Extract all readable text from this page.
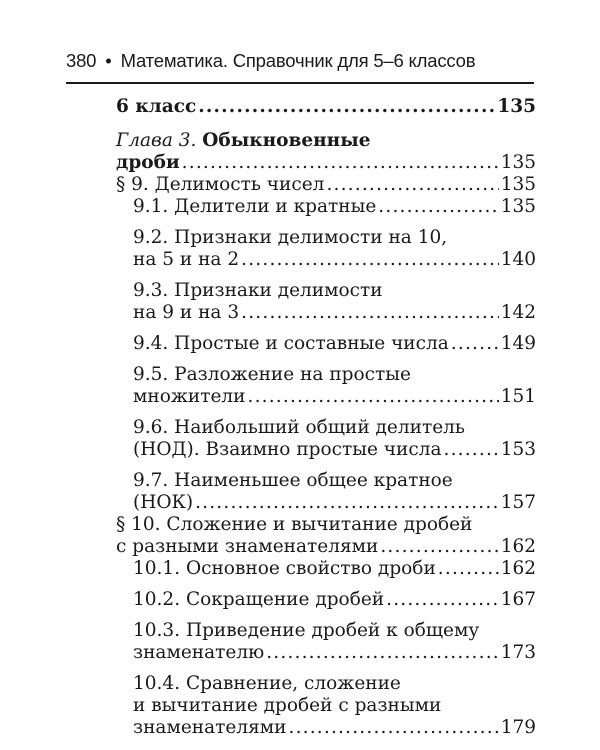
380 • Математика. Справочник для 5–6 классов
6 класс .....	135
Глава 3. Обыкновенные
дроби .....	135
§ 9. Делимость чисел .....	135
9.1. Делители и кратные .....	135
9.2. Признаки делимости на 10,
на 5 и на 2 .....	140
9.3. Признаки делимости
на 9 и на 3 .....	142
9.4. Простые и составные числа .....	149
9.5. Разложение на простые
множители .....	151
9.6. Наибольший общий делитель
(НОД). Взаимно простые числа .....	153
9.7. Наименьшее общее кратное
(НОК) .....	157
§ 10. Сложение и вычитание дробей
с разными знаменателями .....	162
10.1. Основное свойство дроби .....	162
10.2. Сокращение дробей .....	167
10.3. Приведение дробей к общему
знаменателю .....	173
10.4. Сравнение, сложение
и вычитание дробей с разными
знаменателями .....	179
